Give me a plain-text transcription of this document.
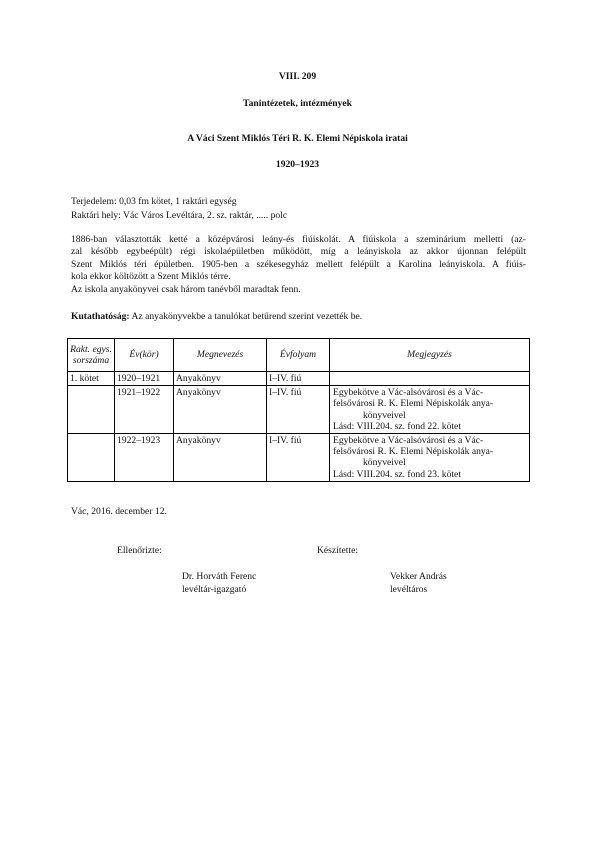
VIII. 209
Tanintézetek, intézmények
A Váci Szent Miklós Téri R. K. Elemi Népiskola iratai
1920–1923
Terjedelem: 0,03 fm kötet, 1 raktári egység
Raktári hely: Vác Város Levéltára, 2. sz. raktár, ..... polc

1886-ban választották ketté a középvárosi leány-és fiúiskolát. A fiúiskola a szeminárium melletti (az-

zal később egybeépült) régi iskolaépületben működött, míg a leányiskola az akkor újonnan felépült

Szent Miklós téri épületben. 1905-ben a székesegyház mellett felépült a Karolina leányiskola. A fiúis-

kola ekkor költözött a Szent Miklós térre.

Az iskola anyakönyvei csak három tanévből maradtak fenn.

Kutathatóság: Az anyakönyvekbe a tanulókat betűrend szerint vezették be.
Rakt. egys. sorszáma	Év(kör)	Megnevezés	Évfolyam	Megjegyzés
1. kötet	1920–1921	Anyakönyv	I–IV. fiú	
	1921–1922	Anyakönyv	I–IV. fiú	Egybekötve a Vác-alsóvárosi és a Vác-
felsővárosi R. K. Elemi Népiskolák anya-
könyveivel
Lásd: VIII.204. sz. fond 22. kötet

	1922–1923	Anyakönyv	I–IV. fiú	Egybekötve a Vác-alsóvárosi és a Vác-
felsővárosi R. K. Elemi Népiskolák anya-
könyveivel
Lásd: VIII.204. sz. fond 23. kötet
Vác, 2016. december 12.
Ellenőrizte:	Készítette:
Dr. Horváth Ferenc
levéltár-igazgató
Vekker András
levéltáros
